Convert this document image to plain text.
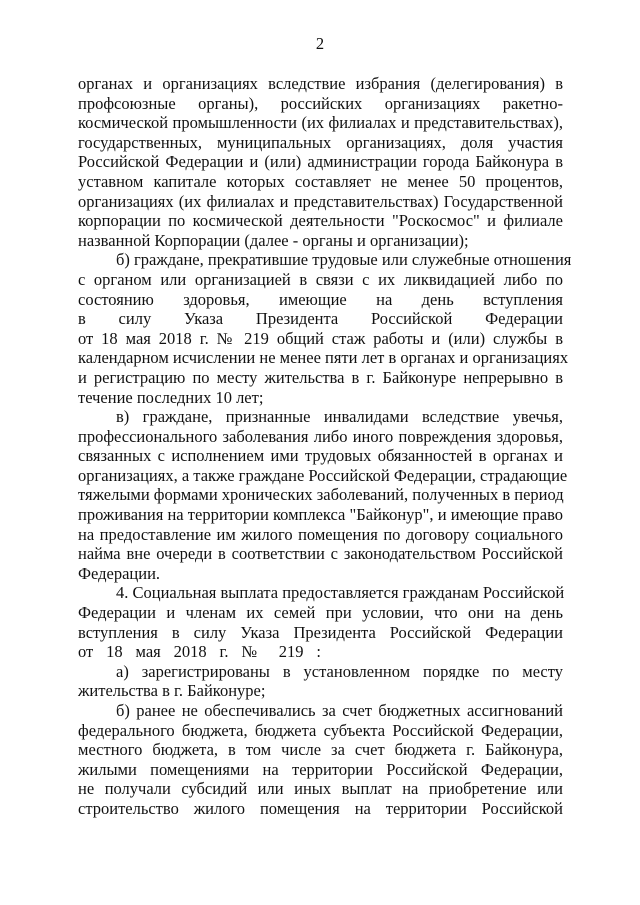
2
органах и организациях вследствие избрания (делегирования) в
профсоюзные органы), российских организациях ракетно-
космической промышленности (их филиалах и представительствах),
государственных, муниципальных организациях, доля участия
Российской Федерации и (или) администрации города Байконура в
уставном капитале которых составляет не менее 50 процентов,
организациях (их филиалах и представительствах) Государственной
корпорации по космической деятельности "Роскосмос" и филиале
названной Корпорации (далее - органы и организации);
б) граждане, прекратившие трудовые или служебные отношения
с органом или организацией в связи с их ликвидацией либо по
состоянию здоровья, имеющие на день вступления
в силу Указа Президента Российской Федерации
от 18 мая 2018 г. № 219 общий стаж работы и (или) службы в
календарном исчислении не менее пяти лет в органах и организациях
и регистрацию по месту жительства в г. Байконуре непрерывно в
течение последних 10 лет;
в) граждане, признанные инвалидами вследствие увечья,
профессионального заболевания либо иного повреждения здоровья,
связанных с исполнением ими трудовых обязанностей в органах и
организациях, а также граждане Российской Федерации, страдающие
тяжелыми формами хронических заболеваний, полученных в период
проживания на территории комплекса "Байконур", и имеющие право
на предоставление им жилого помещения по договору социального
найма вне очереди в соответствии с законодательством Российской
Федерации.
4. Социальная выплата предоставляется гражданам Российской
Федерации и членам их семей при условии, что они на день
вступления в силу Указа Президента Российской Федерации
от 18 мая 2018 г. № 219 :
а) зарегистрированы в установленном порядке по месту
жительства в г. Байконуре;
б) ранее не обеспечивались за счет бюджетных ассигнований
федерального бюджета, бюджета субъекта Российской Федерации,
местного бюджета, в том числе за счет бюджета г. Байконура,
жилыми помещениями на территории Российской Федерации,
не получали субсидий или иных выплат на приобретение или
строительство жилого помещения на территории Российской
